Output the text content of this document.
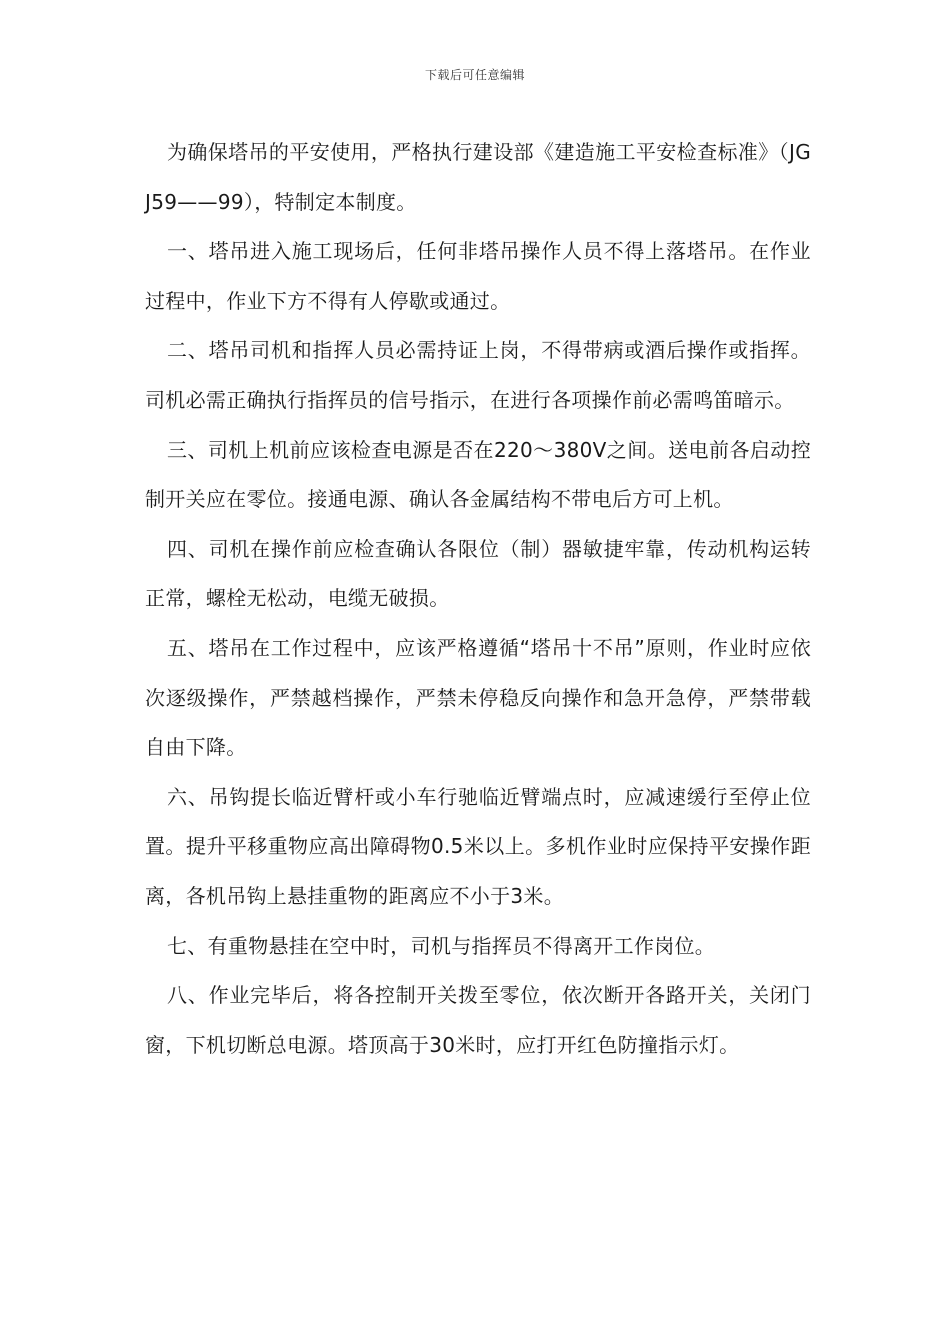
下载后可任意编辑

为确保塔吊的平安使用，严格执行建设部《建造施工平安检查标准》（JGJ59——99），特制定本制度。

一、塔吊进入施工现场后，任何非塔吊操作人员不得上落塔吊。在作业过程中，作业下方不得有人停歇或通过。

二、塔吊司机和指挥人员必需持证上岗，不得带病或酒后操作或指挥。司机必需正确执行指挥员的信号指示，在进行各项操作前必需鸣笛暗示。

三、司机上机前应该检查电源是否在220～380V之间。送电前各启动控制开关应在零位。接通电源、确认各金属结构不带电后方可上机。

四、司机在操作前应检查确认各限位（制）器敏捷牢靠，传动机构运转正常，螺栓无松动，电缆无破损。

五、塔吊在工作过程中，应该严格遵循“塔吊十不吊”原则，作业时应依次逐级操作，严禁越档操作，严禁未停稳反向操作和急开急停，严禁带载自由下降。

六、吊钩提长临近臂杆或小车行驰临近臂端点时，应减速缓行至停止位置。提升平移重物应高出障碍物0.5米以上。多机作业时应保持平安操作距离，各机吊钩上悬挂重物的距离应不小于3米。

七、有重物悬挂在空中时，司机与指挥员不得离开工作岗位。

八、作业完毕后，将各控制开关拨至零位，依次断开各路开关，关闭门窗，下机切断总电源。塔顶高于30米时，应打开红色防撞指示灯。
